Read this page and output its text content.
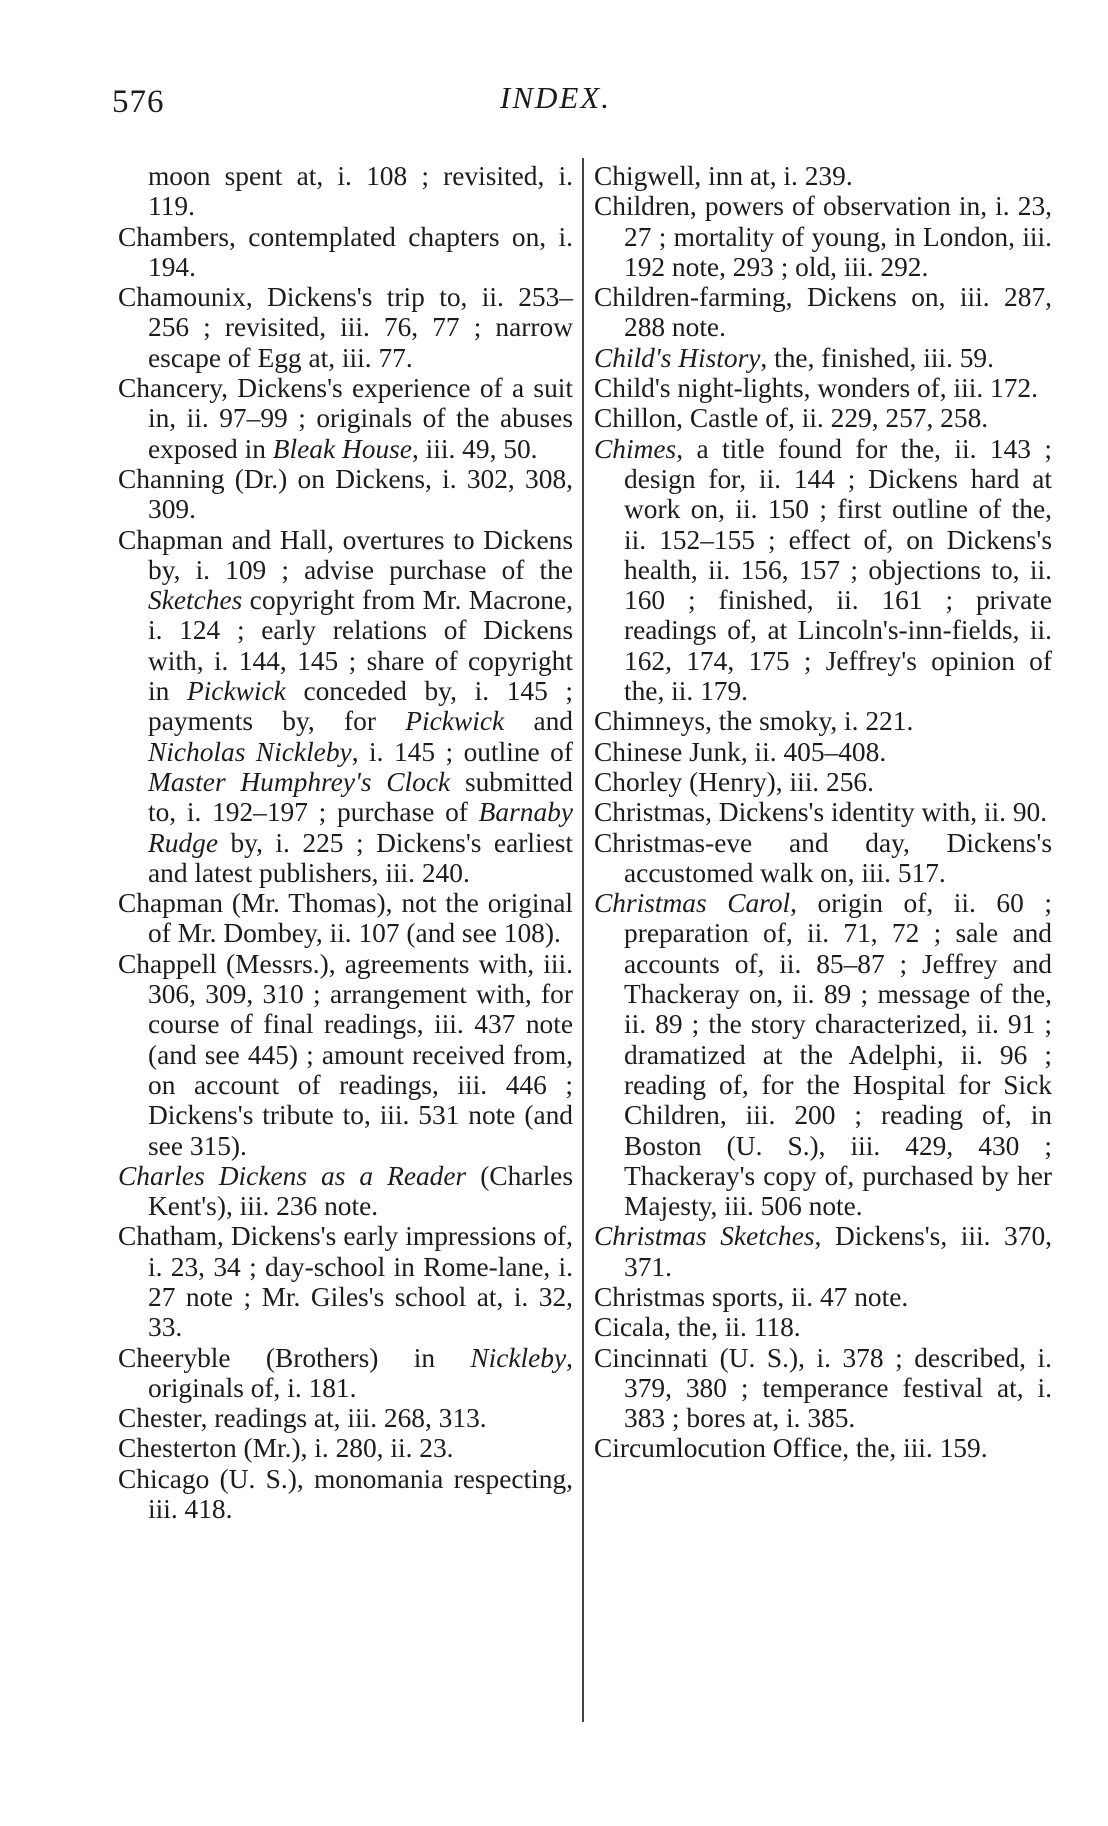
576	INDEX.

moon spent at, i. 108 ; revisited, i. 119.

Chambers, contemplated chapters on, i. 194.

Chamounix, Dickens's trip to, ii. 253–256 ; revisited, iii. 76, 77 ; narrow escape of Egg at, iii. 77.

Chancery, Dickens's experience of a suit in, ii. 97–99 ; originals of the abuses exposed in Bleak House, iii. 49, 50.

Channing (Dr.) on Dickens, i. 302, 308, 309.

Chapman and Hall, overtures to Dickens by, i. 109 ; advise purchase of the Sketches copyright from Mr. Macrone, i. 124 ; early relations of Dickens with, i. 144, 145 ; share of copyright in Pickwick conceded by, i. 145 ; payments by, for Pickwick and Nicholas Nickleby, i. 145 ; outline of Master Humphrey's Clock submitted to, i. 192–197 ; purchase of Barnaby Rudge by, i. 225 ; Dickens's earliest and latest publishers, iii. 240.

Chapman (Mr. Thomas), not the original of Mr. Dombey, ii. 107 (and see 108).

Chappell (Messrs.), agreements with, iii. 306, 309, 310 ; arrangement with, for course of final readings, iii. 437 note (and see 445) ; amount received from, on account of readings, iii. 446 ; Dickens's tribute to, iii. 531 note (and see 315).

Charles Dickens as a Reader (Charles Kent's), iii. 236 note.

Chatham, Dickens's early impressions of, i. 23, 34 ; day-school in Rome-lane, i. 27 note ; Mr. Giles's school at, i. 32, 33.

Cheeryble (Brothers) in Nickleby, originals of, i. 181.

Chester, readings at, iii. 268, 313.

Chesterton (Mr.), i. 280, ii. 23.

Chicago (U. S.), monomania respecting, iii. 418.

Chigwell, inn at, i. 239.

Children, powers of observation in, i. 23, 27 ; mortality of young, in London, iii. 192 note, 293 ; old, iii. 292.

Children-farming, Dickens on, iii. 287, 288 note.

Child's History, the, finished, iii. 59.

Child's night-lights, wonders of, iii. 172.

Chillon, Castle of, ii. 229, 257, 258.

Chimes, a title found for the, ii. 143 ; design for, ii. 144 ; Dickens hard at work on, ii. 150 ; first outline of the, ii. 152–155 ; effect of, on Dickens's health, ii. 156, 157 ; objections to, ii. 160 ; finished, ii. 161 ; private readings of, at Lincoln's-inn-fields, ii. 162, 174, 175 ; Jeffrey's opinion of the, ii. 179.

Chimneys, the smoky, i. 221.

Chinese Junk, ii. 405–408.

Chorley (Henry), iii. 256.

Christmas, Dickens's identity with, ii. 90.

Christmas-eve and day, Dickens's accustomed walk on, iii. 517.

Christmas Carol, origin of, ii. 60 ; preparation of, ii. 71, 72 ; sale and accounts of, ii. 85–87 ; Jeffrey and Thackeray on, ii. 89 ; message of the, ii. 89 ; the story characterized, ii. 91 ; dramatized at the Adelphi, ii. 96 ; reading of, for the Hospital for Sick Children, iii. 200 ; reading of, in Boston (U. S.), iii. 429, 430 ; Thackeray's copy of, purchased by her Majesty, iii. 506 note.

Christmas Sketches, Dickens's, iii. 370, 371.

Christmas sports, ii. 47 note.

Cicala, the, ii. 118.

Cincinnati (U. S.), i. 378 ; described, i. 379, 380 ; temperance festival at, i. 383 ; bores at, i. 385.

Circumlocution Office, the, iii. 159.
